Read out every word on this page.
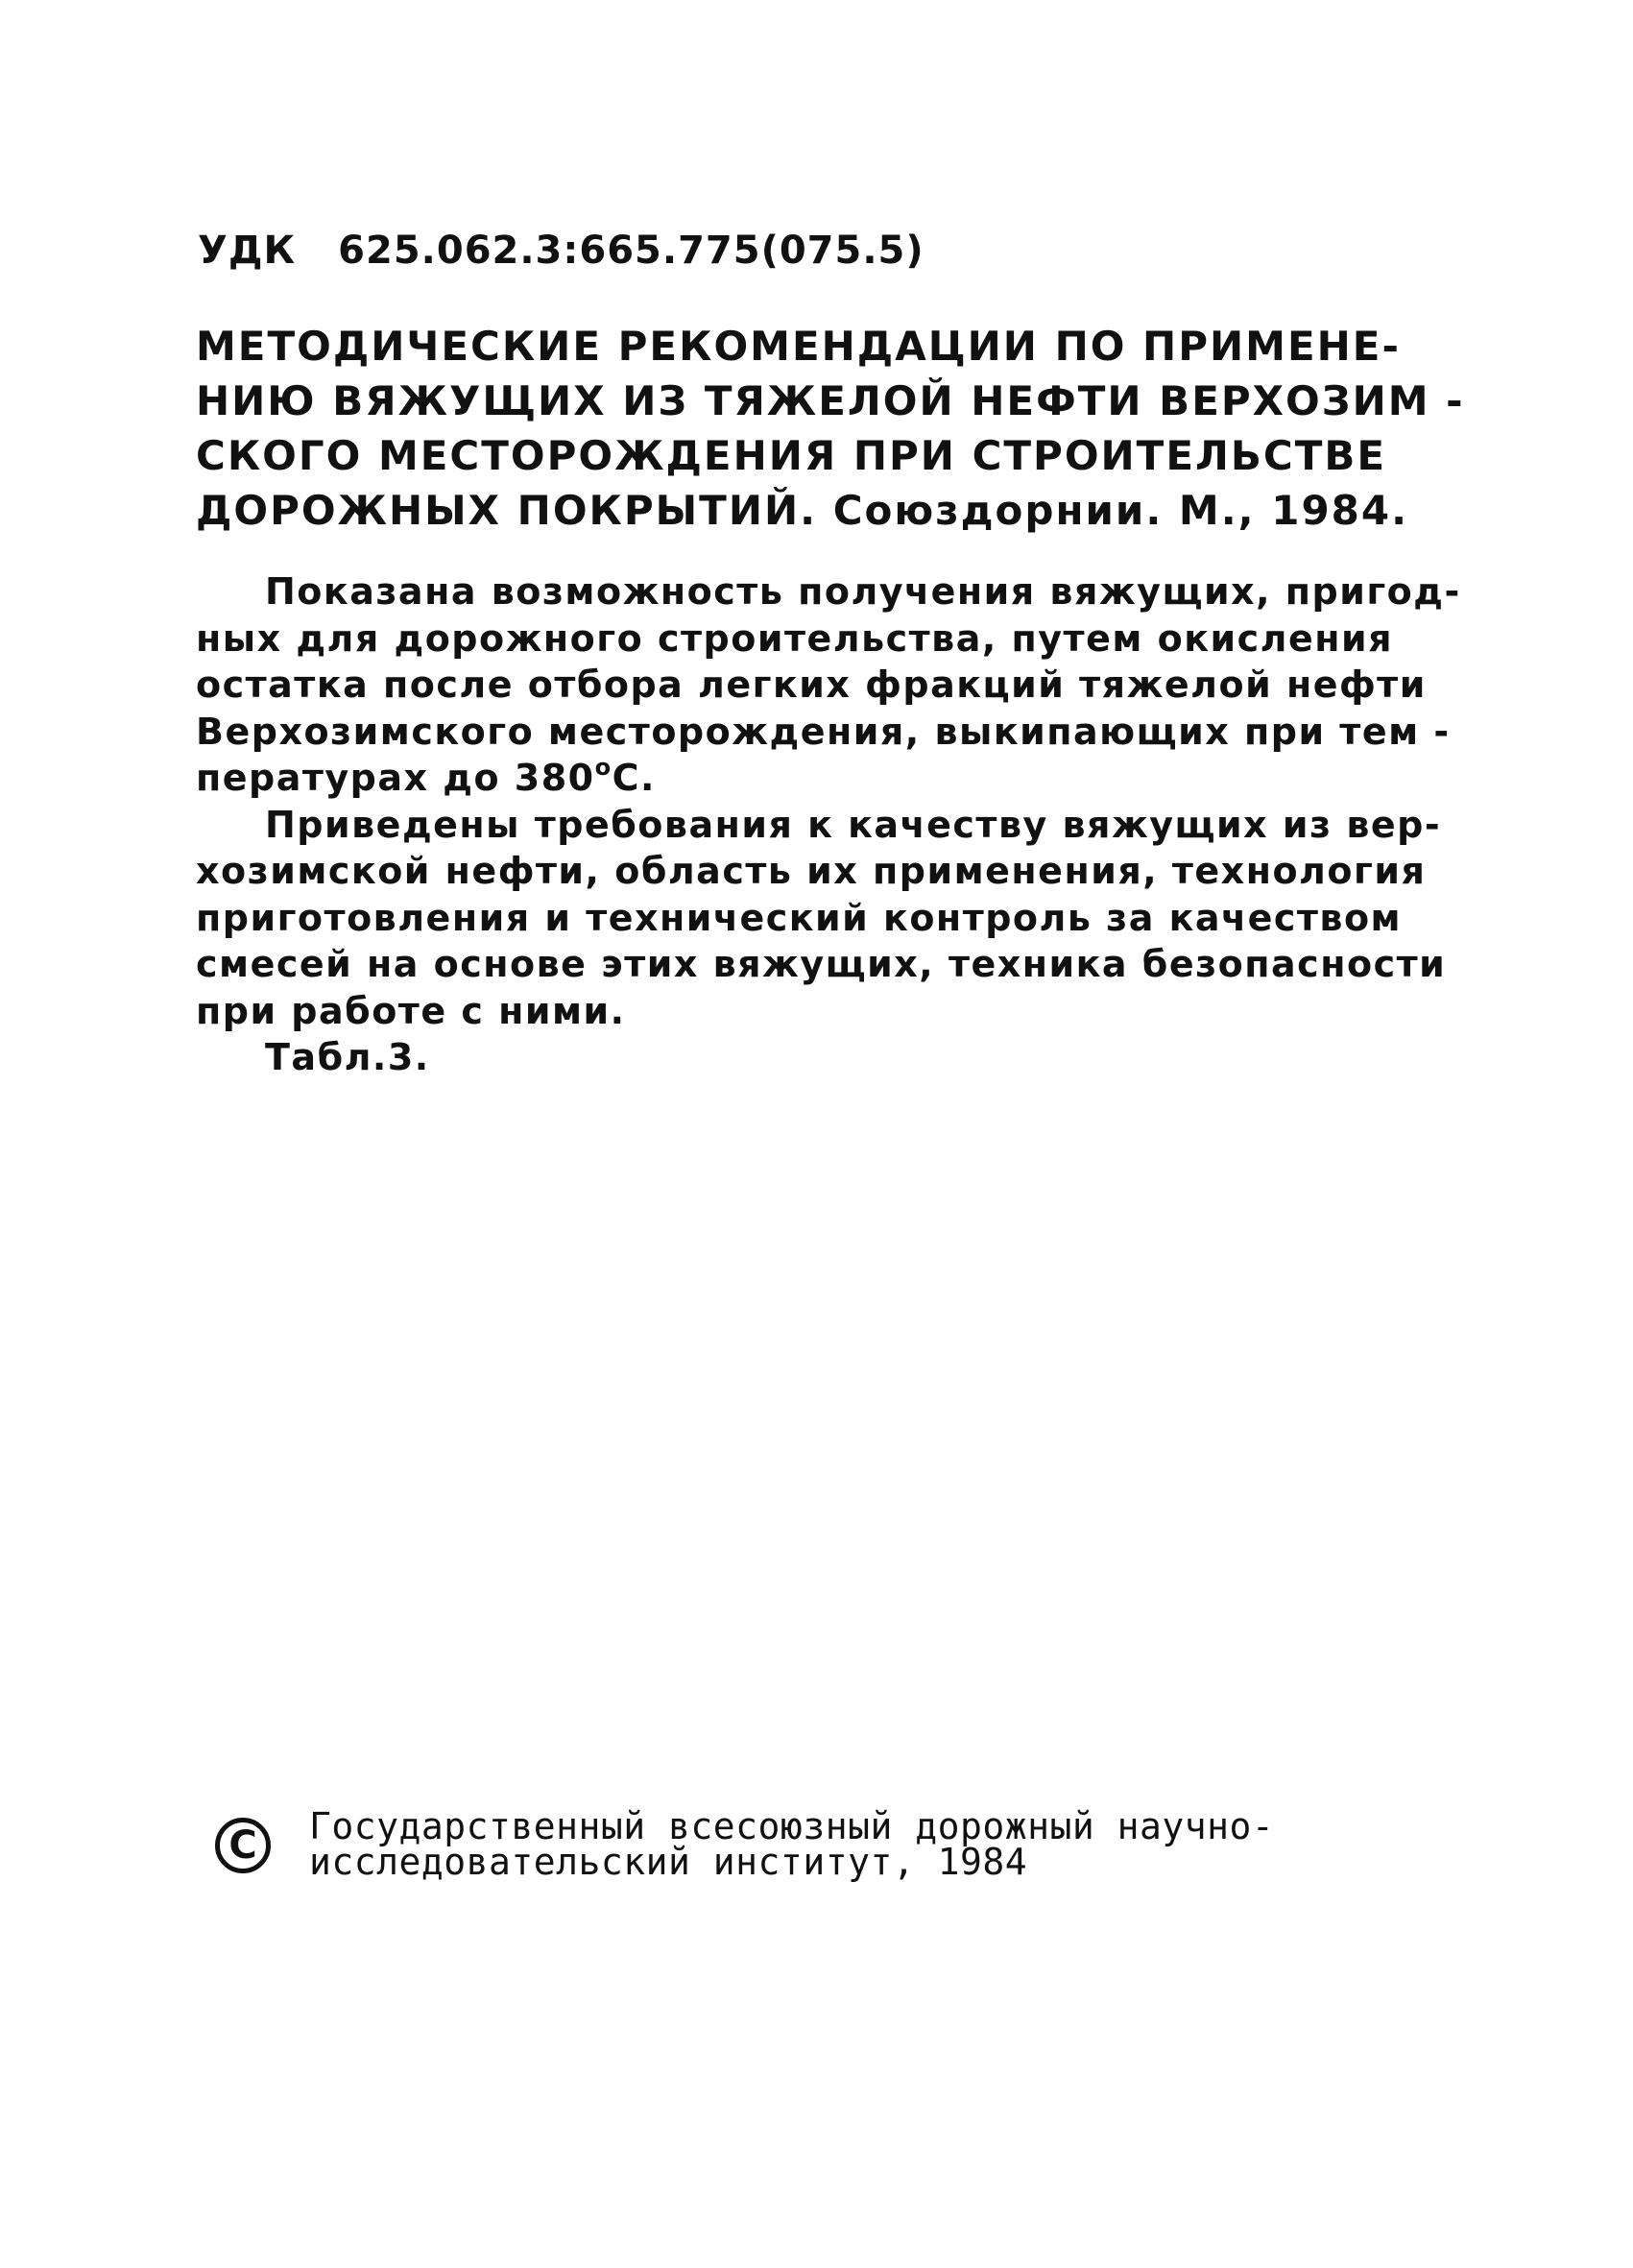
УДК 625.062.3:665.775(075.5)
МЕТОДИЧЕСКИЕ РЕКОМЕНДАЦИИ ПО ПРИМЕНЕ-
НИЮ ВЯЖУЩИХ ИЗ ТЯЖЕЛОЙ НЕФТИ ВЕРХОЗИМ -
СКОГО МЕСТОРОЖДЕНИЯ ПРИ СТРОИТЕЛЬСТВЕ
ДОРОЖНЫХ ПОКРЫТИЙ. Союздорнии. М., 1984.
Показана возможность получения вяжущих, пригод-
ных для дорожного строительства, путем окисления
остатка после отбора легких фракций тяжелой нефти
Верхозимского месторождения, выкипающих при тем -
пературах до $380^оС$.
Приведены требования к качеству вяжущих из вер-
хозимской нефти, область их применения, технология
приготовления и технический контроль за качеством
смесей на основе этих вяжущих, техника безопасности
при работе с ними.
Табл.3.
C	Государственный всесоюзный дорожный научно-
исследовательский институт, 1984
